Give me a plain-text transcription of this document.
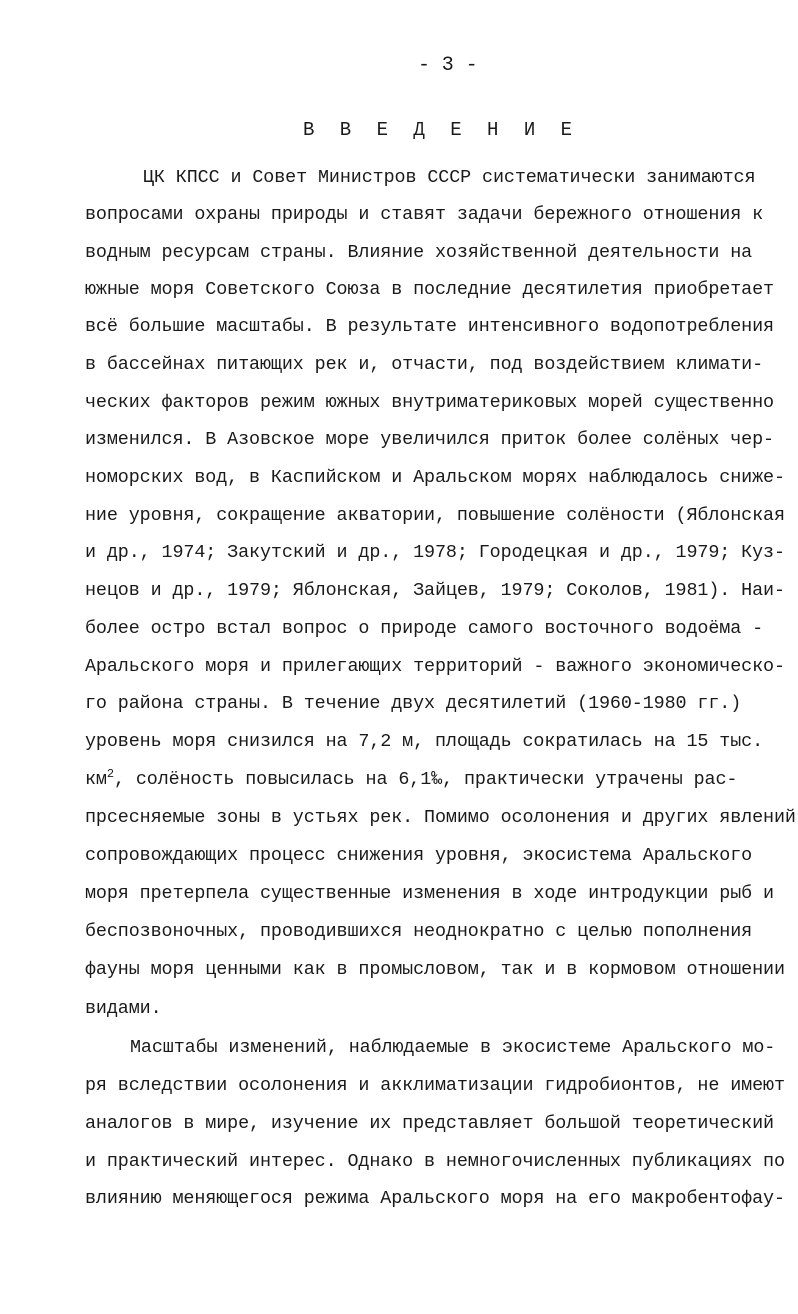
- 3 -
В В Е Д Е Н И Е
ЦК КПСС и Совет Министров СССР систематически занимаются
вопросами охраны природы и ставят задачи бережного отношения к
водным ресурсам страны. Влияние хозяйственной деятельности на
южные моря Советского Союза в последние десятилетия приобретает
всё большие масштабы. В результате интенсивного водопотребления
в бассейнах питающих рек и, отчасти, под воздействием климати-
ческих факторов режим южных внутриматериковых морей существенно
изменился. В Азовское море увеличился приток более солёных чер-
номорских вод, в Каспийском и Аральском морях наблюдалось сниже-
ние уровня, сокращение акватории, повышение солёности (Яблонская
и др., 1974; Закутский и др., 1978; Городецкая и др., 1979; Куз-
нецов и др., 1979; Яблонская, Зайцев, 1979; Соколов, 1981). Наи-
более остро встал вопрос о природе самого восточного водоёма -
Аральского моря и прилегающих территорий - важного экономическо-
го района страны. В течение двух десятилетий (1960-1980 гг.)
уровень моря снизился на 7,2 м, площадь сократилась на 15 тыс.
$км^2$, солёность повысилась на 6,1‰, практически утрачены рас-
прсесняемые зоны в устьях рек. Помимо осолонения и других явлений
сопровождающих процесс снижения уровня, экосистема Аральского
моря претерпела существенные изменения в ходе интродукции рыб и
беспозвоночных, проводившихся неоднократно с целью пополнения
фауны моря ценными как в промысловом, так и в кормовом отношении
видами.
Масштабы изменений, наблюдаемые в экосистеме Аральского мо-
ря вследствии осолонения и акклиматизации гидробионтов, не имеют
аналогов в мире, изучение их представляет большой теоретический
и практический интерес. Однако в немногочисленных публикациях по
влиянию меняющегося режима Аральского моря на его макробентофау-
